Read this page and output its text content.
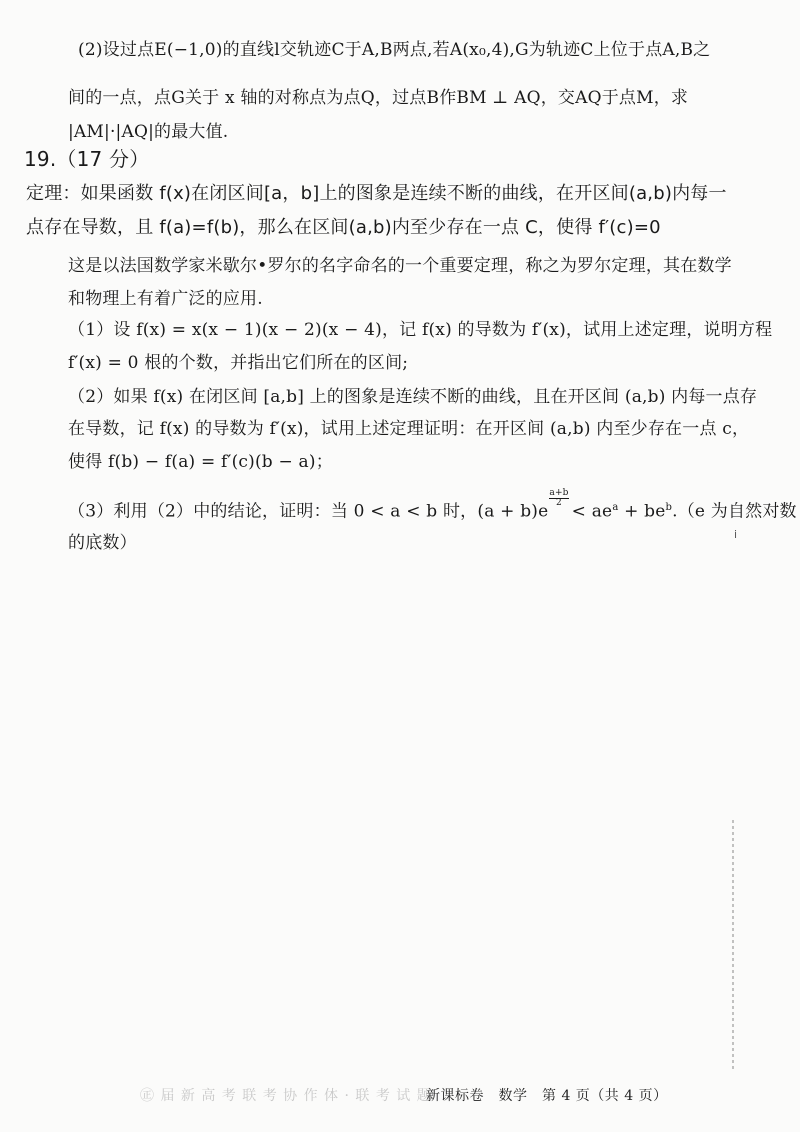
(2)设过点E(−1,0)的直线l交轨迹C于A,B两点,若A(x₀,4),G为轨迹C上位于点A,B之
间的一点，点G关于 x 轴的对称点为点Q，过点B作BM ⊥ AQ，交AQ于点M，求
|AM|·|AQ|的最大值.
19.（17 分）
定理：如果函数 f(x)在闭区间[a，b]上的图象是连续不断的曲线，在开区间(a,b)内每一
点存在导数，且 f(a)=f(b)，那么在区间(a,b)内至少存在一点 C，使得 f′(c)=0
这是以法国数学家米歇尔•罗尔的名字命名的一个重要定理，称之为罗尔定理，其在数学
和物理上有着广泛的应用.
（1）设 f(x) = x(x − 1)(x − 2)(x − 4)，记 f(x) 的导数为 f′(x)，试用上述定理，说明方程
f′(x) = 0 根的个数，并指出它们所在的区间;
（2）如果 f(x) 在闭区间 [a,b] 上的图象是连续不断的曲线，且在开区间 (a,b) 内每一点存
在导数，记 f(x) 的导数为 f′(x)，试用上述定理证明：在开区间 (a,b) 内至少存在一点 c，
使得 f(b) − f(a) = f′(c)(b − a)；
（3）利用（2）中的结论，证明：当 0 < a < b 时，(a + b)e
$\frac{a+b}{2}$
< $ae^a + be^b.(e$ 为自然对数
的底数）	i
㊣ 届 新 高 考 联 考 协 作 体 · 联 考 试 题
新课标卷　数学　第 4 页（共 4 页）
